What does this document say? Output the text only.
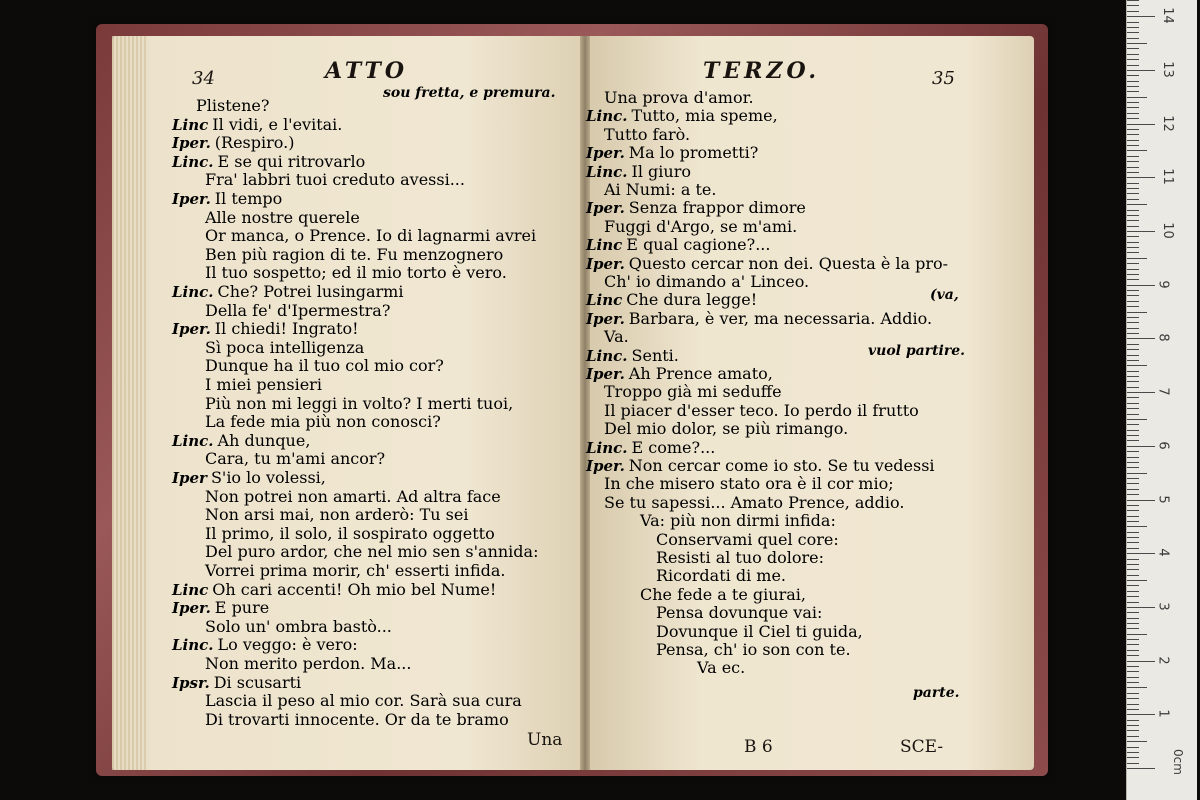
34	ATTO
sou fretta, e premura.
TERZO.	35
Plistene?
Linc Il vidi, e l'evitai.
Iper. (Respiro.)
Linc. E se qui ritrovarlo
Fra' labbri tuoi creduto avessi...
Iper. Il tempo
Alle nostre querele
Or manca, o Prence. Io di lagnarmi avrei
Ben più ragion di te. Fu menzognero
Il tuo sospetto; ed il mio torto è vero.
Linc. Che? Potrei lusingarmi
Della fe' d'Ipermestra?
Iper. Il chiedi! Ingrato!
Sì poca intelligenza
Dunque ha il tuo col mio cor?
I miei pensieri
Più non mi leggi in volto? I merti tuoi,
La fede mia più non conosci?
Linc. Ah dunque,
Cara, tu m'ami ancor?
Iper S'io lo volessi,
Non potrei non amarti. Ad altra face
Non arsi mai, non arderò: Tu sei
Il primo, il solo, il sospirato oggetto
Del puro ardor, che nel mio sen s'annida:
Vorrei prima morir, ch' esserti infida.
Linc Oh cari accenti! Oh mio bel Nume!
Iper. E pure
Solo un' ombra bastò...
Linc. Lo veggo: è vero:
Non merito perdon. Ma...
Ipsr. Di scusarti
Lascia il peso al mio cor. Sarà sua cura
Di trovarti innocente. Or da te bramo
Una prova d'amor.
Linc. Tutto, mia speme,
Tutto farò.
Iper. Ma lo prometti?
Linc. Il giuro
Ai Numi: a te.
Iper. Senza frappor dimore
Fuggi d'Argo, se m'ami.
Linc E qual cagione?...
Iper. Questo cercar non dei. Questa è la pro-
Ch' io dimando a' Linceo.
Linc Che dura legge!
Iper. Barbara, è ver, ma necessaria. Addio.
Va.
Linc. Senti.
Iper. Ah Prence amato,
Troppo già mi seduffe
Il piacer d'esser teco. Io perdo il frutto
Del mio dolor, se più rimango.
Linc. E come?...
Iper. Non cercar come io sto. Se tu vedessi
In che misero stato ora è il cor mio;
Se tu sapessi... Amato Prence, addio.
Va: più non dirmi infida:
Conservami quel core:
Resisti al tuo dolore:
Ricordati di me.
Che fede a te giurai,
Pensa dovunque vai:
Dovunque il Ciel ti guida,
Pensa, ch' io son con te.
Va ec.
(va,
vuol partire.
parte.
Una	B 6	SCE-
0cm
1
2
3
4
5
6
7
8
9
10
11
12
13
14
